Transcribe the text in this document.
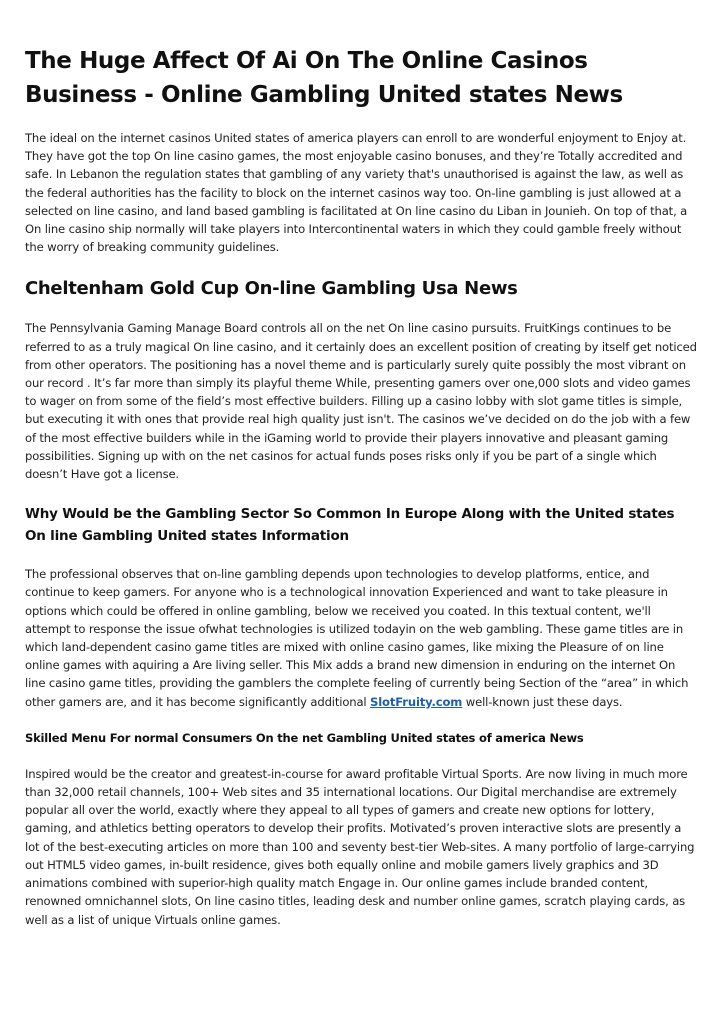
The Huge Affect Of Ai On The Online Casinos Business - Online Gambling United states News

The ideal on the internet casinos United states of america players can enroll to are wonderful enjoyment to Enjoy at. They have got the top On line casino games, the most enjoyable casino bonuses, and they’re Totally accredited and safe. In Lebanon the regulation states that gambling of any variety that's unauthorised is against the law, as well as the federal authorities has the facility to block on the internet casinos way too. On-line gambling is just allowed at a selected on line casino, and land based gambling is facilitated at On line casino du Liban in Jounieh. On top of that, a On line casino ship normally will take players into Intercontinental waters in which they could gamble freely without the worry of breaking community guidelines.

Cheltenham Gold Cup On-line Gambling Usa News

The Pennsylvania Gaming Manage Board controls all on the net On line casino pursuits. FruitKings continues to be referred to as a truly magical On line casino, and it certainly does an excellent position of creating by itself get noticed from other operators. The positioning has a novel theme and is particularly surely quite possibly the most vibrant on our record . It’s far more than simply its playful theme While, presenting gamers over one,000 slots and video games to wager on from some of the field’s most effective builders. Filling up a casino lobby with slot game titles is simple, but executing it with ones that provide real high quality just isn't. The casinos we’ve decided on do the job with a few of the most effective builders while in the iGaming world to provide their players innovative and pleasant gaming possibilities. Signing up with on the net casinos for actual funds poses risks only if you be part of a single which doesn’t Have got a license.

Why Would be the Gambling Sector So Common In Europe Along with the United states On line Gambling United states Information

The professional observes that on-line gambling depends upon technologies to develop platforms, entice, and continue to keep gamers. For anyone who is a technological innovation Experienced and want to take pleasure in options which could be offered in online gambling, below we received you coated. In this textual content, we'll attempt to response the issue ofwhat technologies is utilized todayin on the web gambling. These game titles are in which land-dependent casino game titles are mixed with online casino games, like mixing the Pleasure of on line online games with aquiring a Are living seller. This Mix adds a brand new dimension in enduring on the internet On line casino game titles, providing the gamblers the complete feeling of currently being Section of the “area” in which other gamers are, and it has become significantly additional SlotFruity.com well-known just these days.

Skilled Menu For normal Consumers On the net Gambling United states of america News

Inspired would be the creator and greatest-in-course for award profitable Virtual Sports. Are now living in much more than 32,000 retail channels, 100+ Web sites and 35 international locations. Our Digital merchandise are extremely popular all over the world, exactly where they appeal to all types of gamers and create new options for lottery, gaming, and athletics betting operators to develop their profits. Motivated’s proven interactive slots are presently a lot of the best-executing articles on more than 100 and seventy best-tier Web-sites. A many portfolio of large-carrying out HTML5 video games, in-built residence, gives both equally online and mobile gamers lively graphics and 3D animations combined with superior-high quality match Engage in. Our online games include branded content, renowned omnichannel slots, On line casino titles, leading desk and number online games, scratch playing cards, as well as a list of unique Virtuals online games.
